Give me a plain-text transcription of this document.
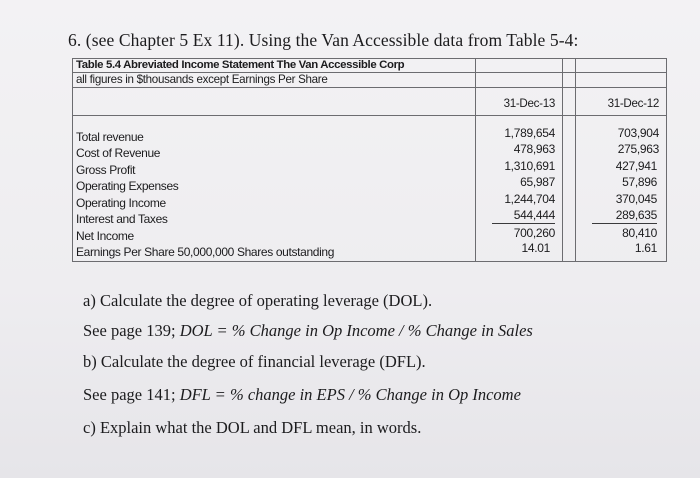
6. (see Chapter 5 Ex 11). Using the Van Accessible data from Table 5-4:
Table 5.4 Abreviated Income Statement The Van Accessible Corp
all figures in $thousands except Earnings Per Share
31-Dec-13	31-Dec-12
Total revenue
Cost of Revenue
Gross Profit
Operating Expenses
Operating Income
Interest and Taxes
Net Income
Earnings Per Share 50,000,000 Shares outstanding
1,789,654
478,963
1,310,691
65,987
1,244,704
544,444
700,260
14.01
703,904
275,963
427,941
57,896
370,045
289,635
80,410
1.61
a) Calculate the degree of operating leverage (DOL).
See page 139; DOL = % Change in Op Income / % Change in Sales
b) Calculate the degree of financial leverage (DFL).
See page 141; DFL = % change in EPS / % Change in Op Income
c) Explain what the DOL and DFL mean, in words.
